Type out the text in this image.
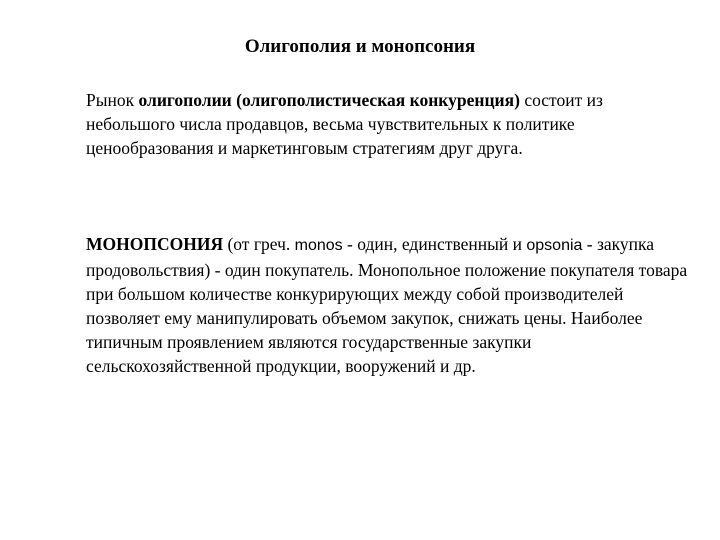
Олигополия и монопсония

Рынок олигополии (олигополистическая конкуренция) состоит из небольшого числа продавцов, весьма чувствительных к политике ценообразования и маркетинговым стратегиям друг друга.

МОНОПСОНИЯ (от греч. monos - один, единственный и opsonia - закупка продовольствия) - один покупатель. Монопольное положение покупателя товара при большом количестве конкурирующих между собой производителей позволяет ему манипулировать объемом закупок, снижать цены. Наиболее типичным проявлением являются государственные закупки сельскохозяйственной продукции, вооружений и др.
